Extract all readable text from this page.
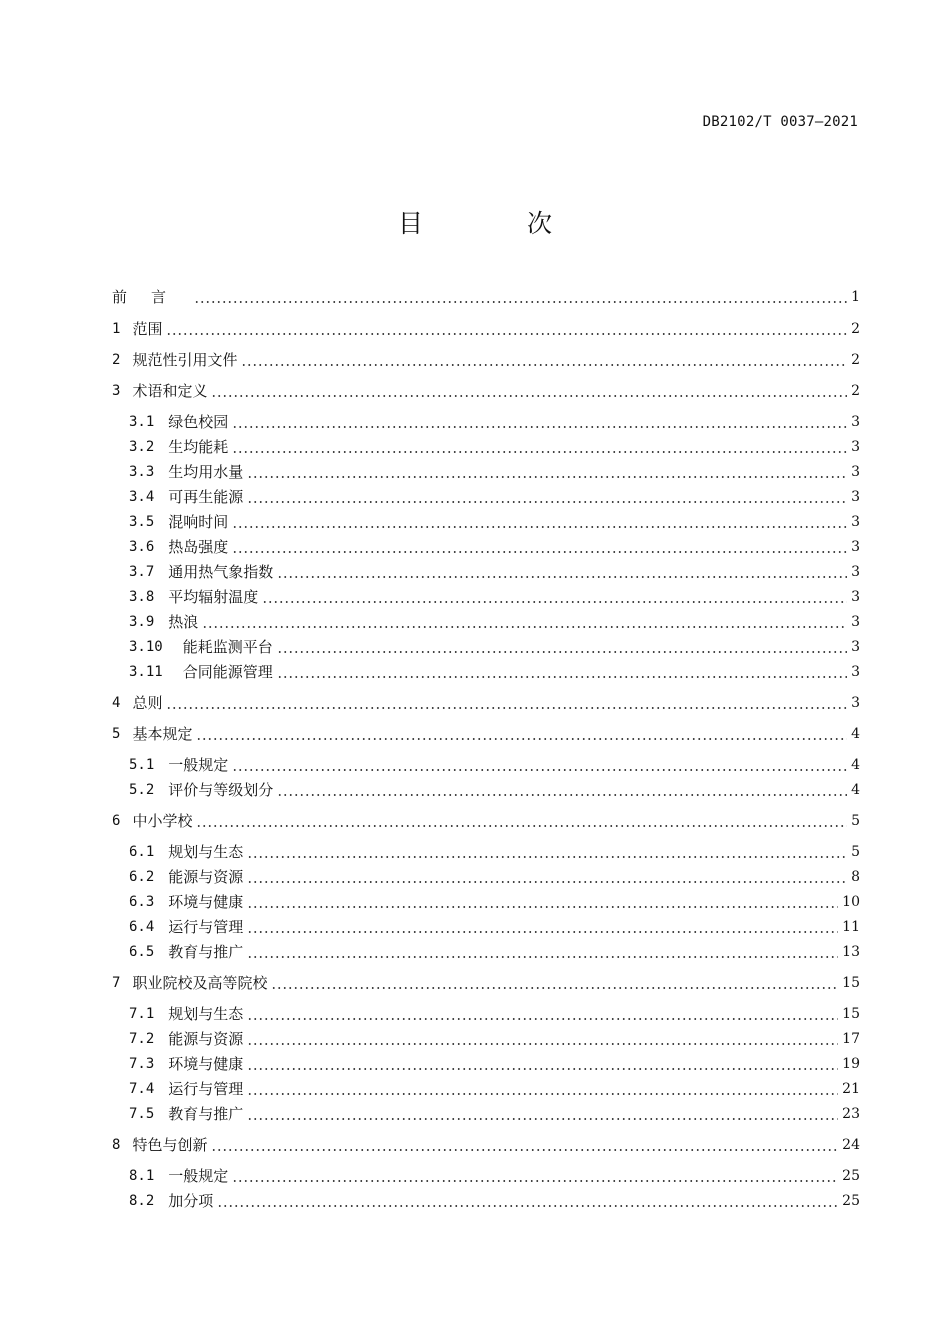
DB2102/T 0037—2021
目 次
前言	1
1 范围	2
2 规范性引用文件	2
3 术语和定义	2
3.1 绿色校园	3
3.2 生均能耗	3
3.3 生均用水量	3
3.4 可再生能源	3
3.5 混响时间	3
3.6 热岛强度	3
3.7 通用热气象指数	3
3.8 平均辐射温度	3
3.9 热浪	3
3.10	能耗监测平台	3
3.11	合同能源管理	3
4 总则	3
5 基本规定	4
5.1 一般规定	4
5.2 评价与等级划分	4
6 中小学校	5
6.1 规划与生态	5
6.2 能源与资源	8
6.3 环境与健康	10
6.4 运行与管理	11
6.5 教育与推广	13
7 职业院校及高等院校	15
7.1 规划与生态	15
7.2 能源与资源	17
7.3 环境与健康	19
7.4 运行与管理	21
7.5 教育与推广	23
8 特色与创新	24
8.1 一般规定	25
8.2 加分项	25
